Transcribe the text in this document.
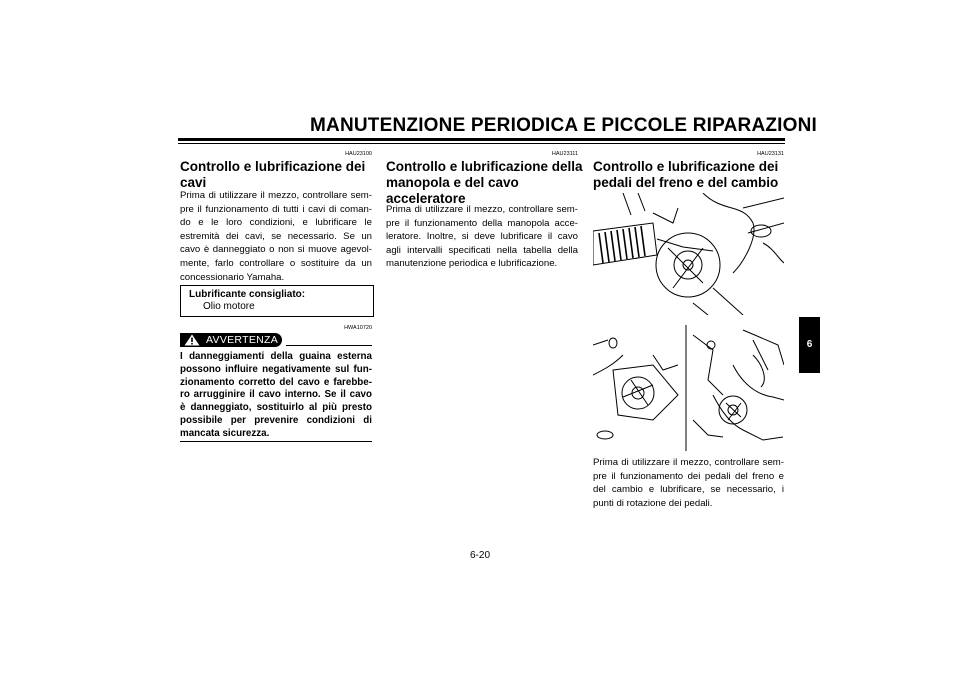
MANUTENZIONE PERIODICA E PICCOLE RIPARAZIONI
6
HAU23100
Controllo e lubrificazione dei
cavi
Prima di utilizzare il mezzo, controllare sem-
pre il funzionamento di tutti i cavi di coman-
do e le loro condizioni, e lubrificare le
estremità dei cavi, se necessario. Se un
cavo è danneggiato o non si muove agevol-
mente, farlo controllare o sostituire da un
concessionario Yamaha.
Lubrificante consigliato:
Olio motore
HWA10720
AVVERTENZA
I danneggiamenti della guaina esterna
possono influire negativamente sul fun-
zionamento corretto del cavo e farebbe-
ro arrugginire il cavo interno. Se il cavo
è danneggiato, sostituirlo al più presto
possibile per prevenire condizioni di
mancata sicurezza.
HAU23111
Controllo e lubrificazione della
manopola e del cavo
acceleratore
Prima di utilizzare il mezzo, controllare sem-
pre il funzionamento della manopola acce-
leratore. Inoltre, si deve lubrificare il cavo
agli intervalli specificati nella tabella della
manutenzione periodica e lubrificazione.
HAU23131
Controllo e lubrificazione dei
pedali del freno e del cambio
Prima di utilizzare il mezzo, controllare sem-
pre il funzionamento dei pedali del freno e
del cambio e lubrificare, se necessario, i
punti di rotazione dei pedali.
6-20
